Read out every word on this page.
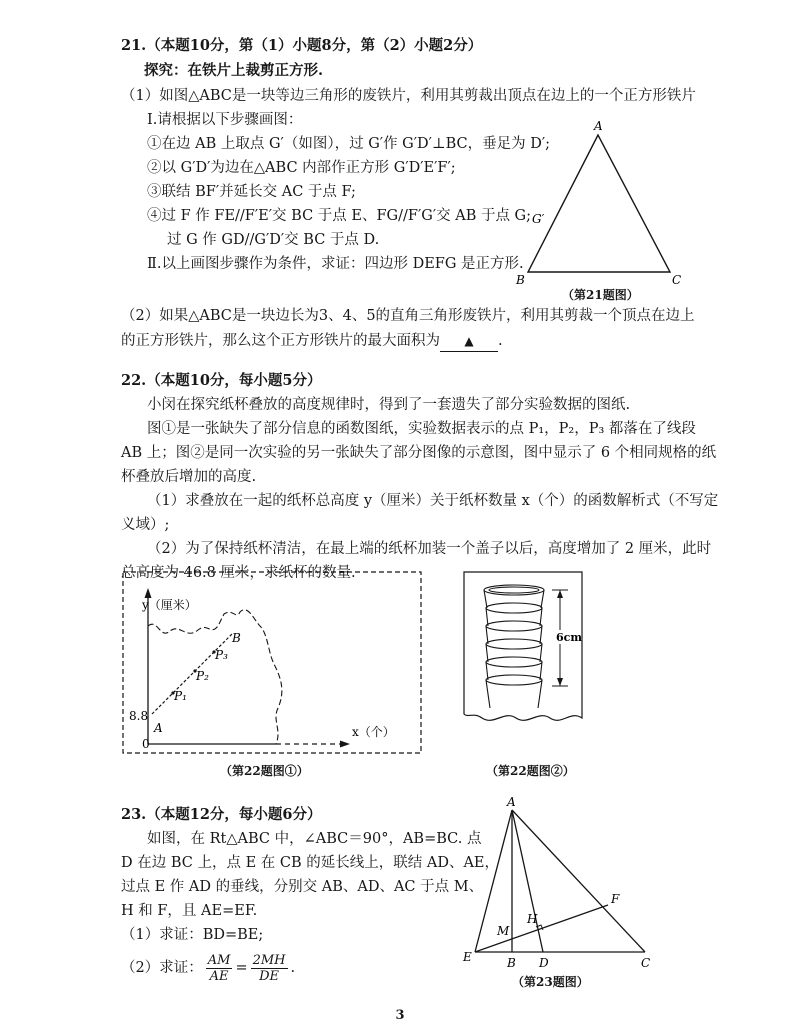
21.（本题10分，第（1）小题8分，第（2）小题2分）
探究：在铁片上裁剪正方形.
（1）如图△ABC是一块等边三角形的废铁片，利用其剪裁出顶点在边上的一个正方形铁片
Ⅰ.请根据以下步骤画图：
①在边 AB 上取点 G′（如图），过 G′作 G′D′⊥BC，垂足为 D′;
②以 G′D′为边在△ABC 内部作正方形 G′D′E′F′;
③联结 BF′并延长交 AC 于点 F;
④过 F 作 FE//F′E′交 BC 于点 E、FG//F′G′交 AB 于点 G;
过 G 作 GD//G′D′交 BC 于点 D.
Ⅱ.以上画图步骤作为条件，求证：四边形 DEFG 是正方形.
（2）如果△ABC是一块边长为3、4、5的直角三角形废铁片，利用其剪裁一个顶点在边上
的正方形铁片，那么这个正方形铁片的最大面积为 ▲ .
A
B	C
G′
（第21题图）
22.（本题10分，每小题5分）
小闵在探究纸杯叠放的高度规律时，得到了一套遗失了部分实验数据的图纸.
图①是一张缺失了部分信息的函数图纸，实验数据表示的点 P₁，P₂，P₃ 都落在了线段
AB 上；图②是同一次实验的另一张缺失了部分图像的示意图，图中显示了 6 个相同规格的纸
杯叠放后增加的高度.
（1）求叠放在一起的纸杯总高度 y（厘米）关于纸杯数量 x（个）的函数解析式（不写定
义域）;
（2）为了保持纸杯清洁，在最上端的纸杯加装一个盖子以后，高度增加了 2 厘米，此时
总高度为 46.8 厘米，求纸杯的数量.
y（厘米）
x（个）
0
8.8
A
B
P₁
P₂
P₃
（第22题图①）
6cm
（第22题图②）
23.（本题12分，每小题6分）
如图，在 Rt△ABC 中，∠ABC＝90°，AB=BC. 点
D 在边 BC 上，点 E 在 CB 的延长线上，联结 AD、AE，
过点 E 作 AD 的垂线，分别交 AB、AD、AC 于点 M、
H 和 F，且 AE=EF.
（1）求证：BD=BE;
（2）求证： $\frac{AM}{AE} = \frac{2MH}{DE}$ .
A
B	C
D
E
F
H
M
（第23题图）
3
